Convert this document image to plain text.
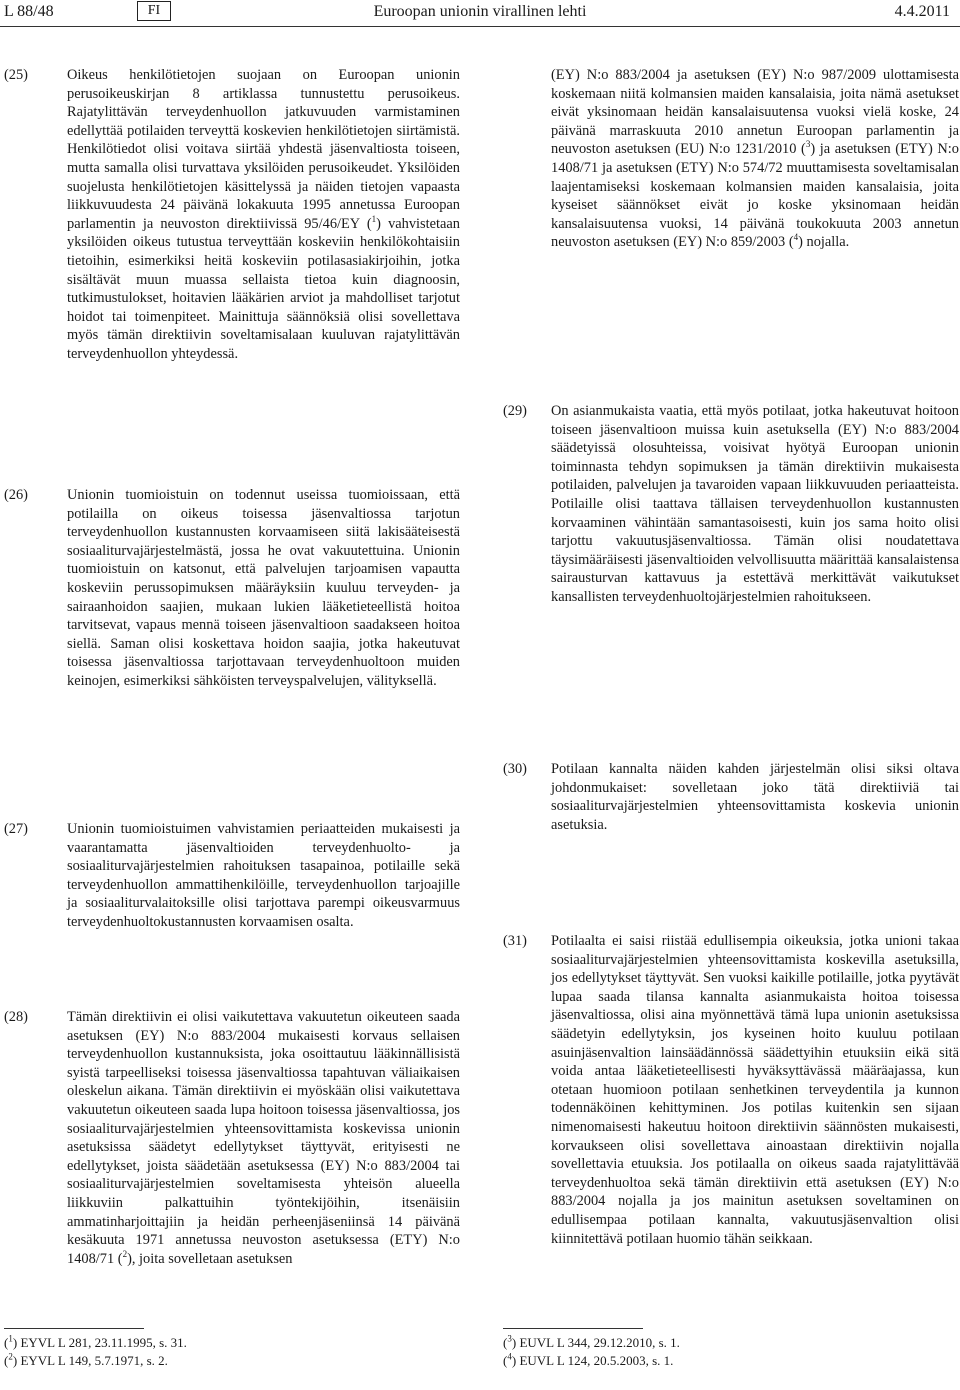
L 88/48	FI	Euroopan unionin virallinen lehti	4.4.2011
(25)	Oikeus henkilötietojen suojaan on Euroopan unionin perusoikeuskirjan 8 artiklassa tunnustettu perusoikeus. Rajatylittävän terveydenhuollon jatkuvuuden varmistaminen edellyttää potilaiden terveyttä koskevien henkilötietojen siirtämistä. Henkilötiedot olisi voitava siirtää yhdestä jäsenvaltiosta toiseen, mutta samalla olisi turvattava yksilöiden perusoikeudet. Yksilöiden suojelusta henkilötietojen käsittelyssä ja näiden tietojen vapaasta liikkuvuudesta 24 päivänä lokakuuta 1995 annetussa Euroopan parlamentin ja neuvoston direktiivissä 95/46/EY ($^1$) vahvistetaan yksilöiden oikeus tutustua terveyttään koskeviin henkilökohtaisiin tietoihin, esimerkiksi heitä koskeviin potilasasiakirjoihin, jotka sisältävät muun muassa sellaista tietoa kuin diagnoosin, tutkimustulokset, hoitavien lääkärien arviot ja mahdolliset tarjotut hoidot tai toimenpiteet. Mainittuja säännöksiä olisi sovellettava myös tämän direktiivin soveltamisalaan kuuluvan rajatylittävän terveydenhuollon yhteydessä.
(26)	Unionin tuomioistuin on todennut useissa tuomioissaan, että potilailla on oikeus toisessa jäsenvaltiossa tarjotun terveydenhuollon kustannusten korvaamiseen siitä lakisääteisestä sosiaaliturvajärjestelmästä, jossa he ovat vakuutettuina. Unionin tuomioistuin on katsonut, että palvelujen tarjoamisen vapautta koskeviin perussopimuksen määräyksiin kuuluu terveyden- ja sairaanhoidon saajien, mukaan lukien lääketieteellistä hoitoa tarvitsevat, vapaus mennä toiseen jäsenvaltioon saadakseen hoitoa siellä. Saman olisi koskettava hoidon saajia, jotka hakeutuvat toisessa jäsenvaltiossa tarjottavaan terveydenhuoltoon muiden keinojen, esimerkiksi sähköisten terveyspalvelujen, välityksellä.
(27)	Unionin tuomioistuimen vahvistamien periaatteiden mukaisesti ja vaarantamatta jäsenvaltioiden terveydenhuolto- ja sosiaaliturvajärjestelmien rahoituksen tasapainoa, potilaille sekä terveydenhuollon ammattihenkilöille, terveydenhuollon tarjoajille ja sosiaaliturvalaitoksille olisi tarjottava parempi oikeusvarmuus terveydenhuoltokustannusten korvaamisen osalta.
(28)	Tämän direktiivin ei olisi vaikutettava vakuutetun oikeuteen saada asetuksen (EY) N:o 883/2004 mukaisesti korvaus sellaisen terveydenhuollon kustannuksista, joka osoittautuu lääkinnällisistä syistä tarpeelliseksi toisessa jäsenvaltiossa tapahtuvan väliaikaisen oleskelun aikana. Tämän direktiivin ei myöskään olisi vaikutettava vakuutetun oikeuteen saada lupa hoitoon toisessa jäsenvaltiossa, jos sosiaaliturvajärjestelmien yhteensovittamista koskevissa unionin asetuksissa säädetyt edellytykset täyttyvät, erityisesti ne edellytykset, joista säädetään asetuksessa (EY) N:o 883/2004 tai sosiaaliturvajärjestelmien soveltamisesta yhteisön alueella liikkuviin palkattuihin työntekijöihin, itsenäisiin ammatinharjoittajiin ja heidän perheenjäseniinsä 14 päivänä kesäkuuta 1971 annetussa neuvoston asetuksessa (ETY) N:o 1408/71 ($^2$), joita sovelletaan asetuksen
(EY) N:o 883/2004 ja asetuksen (EY) N:o 987/2009 ulottamisesta koskemaan niitä kolmansien maiden kansalaisia, joita nämä asetukset eivät yksinomaan heidän kansalaisuutensa vuoksi vielä koske, 24 päivänä marraskuuta 2010 annetun Euroopan parlamentin ja neuvoston asetuksen (EU) N:o 1231/2010 ($^3$) ja asetuksen (ETY) N:o 1408/71 ja asetuksen (ETY) N:o 574/72 muuttamisesta soveltamisalan laajentamiseksi koskemaan kolmansien maiden kansalaisia, joita kyseiset säännökset eivät jo koske yksinomaan heidän kansalaisuutensa vuoksi, 14 päivänä toukokuuta 2003 annetun neuvoston asetuksen (EY) N:o 859/2003 ($^4$) nojalla.
(29) On asianmukaista vaatia, että myös potilaat, jotka hakeutuvat hoitoon toiseen jäsenvaltioon muissa kuin asetuksella (EY) N:o 883/2004 säädetyissä olosuhteissa, voisivat hyötyä Euroopan unionin toiminnasta tehdyn sopimuksen ja tämän direktiivin mukaisesta potilaiden, palvelujen ja tavaroiden vapaan liikkuvuuden periaatteista. Potilaille olisi taattava tällaisen terveydenhuollon kustannusten korvaaminen vähintään samantasoisesti, kuin jos sama hoito olisi tarjottu vakuutusjäsenvaltiossa. Tämän olisi noudatettava täysimääräisesti jäsenvaltioiden velvollisuutta määrittää kansalaistensa sairausturvan kattavuus ja estettävä merkittävät vaikutukset kansallisten terveydenhuoltojärjestelmien rahoitukseen.
(30) Potilaan kannalta näiden kahden järjestelmän olisi siksi oltava johdonmukaiset: sovelletaan joko tätä direktiiviä tai sosiaaliturvajärjestelmien yhteensovittamista koskevia unionin asetuksia.
(31) Potilaalta ei saisi riistää edullisempia oikeuksia, jotka unioni takaa sosiaaliturvajärjestelmien yhteensovittamista koskevilla asetuksilla, jos edellytykset täyttyvät. Sen vuoksi kaikille potilaille, jotka pyytävät lupaa saada tilansa kannalta asianmukaista hoitoa toisessa jäsenvaltiossa, olisi aina myönnettävä tämä lupa unionin asetuksissa säädetyin edellytyksin, jos kyseinen hoito kuuluu potilaan asuinjäsenvaltion lainsäädännössä säädettyihin etuuksiin eikä sitä voida antaa lääketieteellisesti hyväksyttävässä määräajassa, kun otetaan huomioon potilaan senhetkinen terveydentila ja kunnon todennäköinen kehittyminen. Jos potilas kuitenkin sen sijaan nimenomaisesti hakeutuu hoitoon direktiivin säännösten mukaisesti, korvaukseen olisi sovellettava ainoastaan direktiivin nojalla sovellettavia etuuksia. Jos potilaalla on oikeus saada rajatylittävää terveydenhuoltoa sekä tämän direktiivin että asetuksen (EY) N:o 883/2004 nojalla ja jos mainitun asetuksen soveltaminen on edullisempaa potilaan kannalta, vakuutusjäsenvaltion olisi kiinnitettävä potilaan huomio tähän seikkaan.
($^1$) EYVL L 281, 23.11.1995, s. 31.
($^2$) EYVL L 149, 5.7.1971, s. 2.
($^3$) EUVL L 344, 29.12.2010, s. 1.
($^4$) EUVL L 124, 20.5.2003, s. 1.
